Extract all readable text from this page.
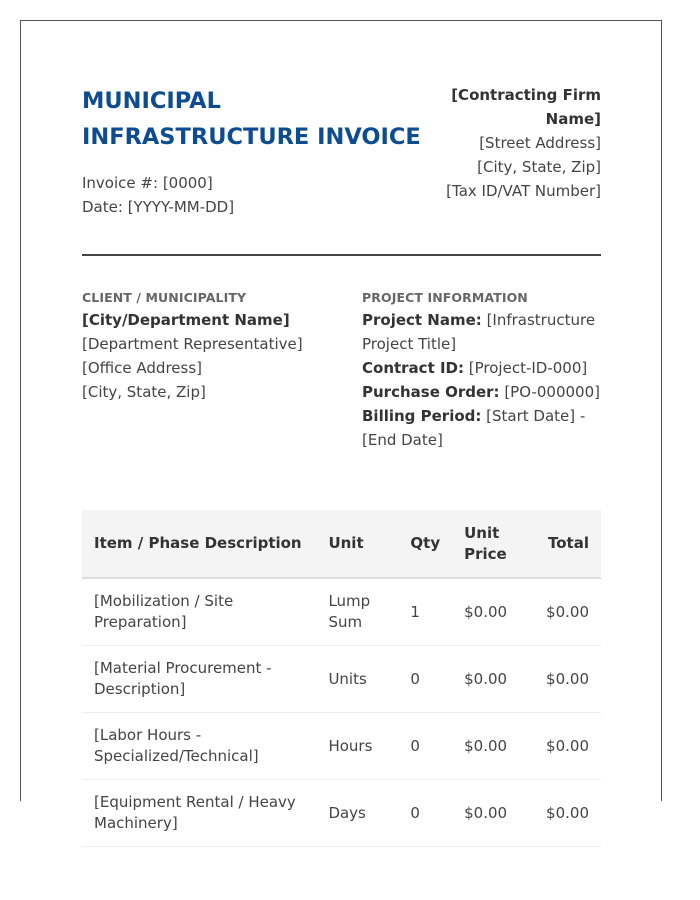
MUNICIPAL INFRASTRUCTURE INVOICE
Invoice #: [0000]
Date: [YYYY-MM-DD]
[Contracting Firm Name]
[Street Address]
[City, State, Zip]
[Tax ID/VAT Number]
CLIENT / MUNICIPALITY
[City/Department Name]
[Department Representative]
[Office Address]
[City, State, Zip]
PROJECT INFORMATION
Project Name: [Infrastructure Project Title]
Contract ID: [Project-ID-000]
Purchase Order: [PO-000000]
Billing Period: [Start Date] - [End Date]
Item / Phase Description	Unit	Qty	Unit Price	Total
[Mobilization / Site Preparation]	Lump Sum	1	$0.00	$0.00
[Material Procurement - Description]	Units	0	$0.00	$0.00
[Labor Hours - Specialized/Technical]	Hours	0	$0.00	$0.00
[Equipment Rental / Heavy Machinery]	Days	0	$0.00	$0.00
